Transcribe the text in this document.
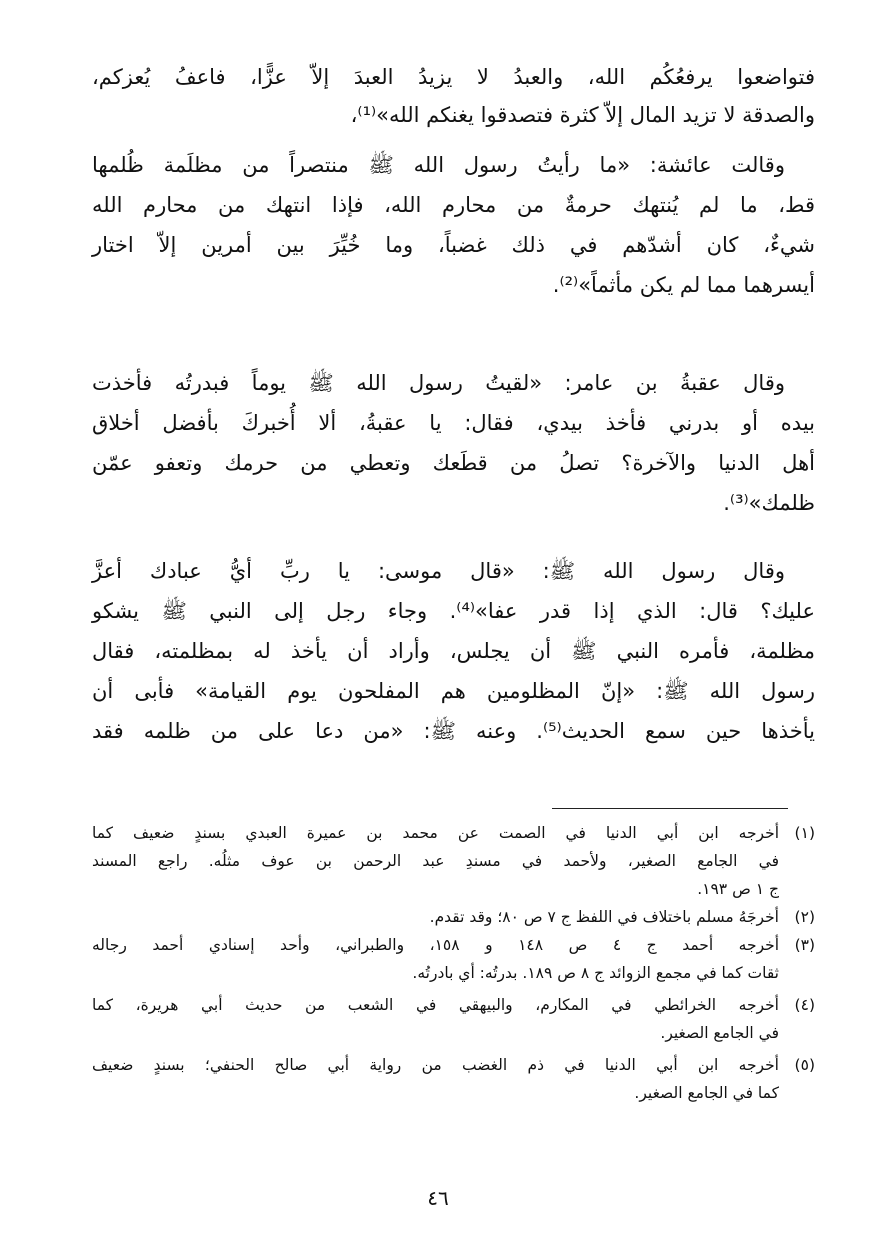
فتواضعوا يرفعُكُم الله، والعبدُ لا يزيدُ العبدَ إلاّ عزًّا، فاعفُ يُعزكم،
والصدقة لا تزيد المال إلاّ كثرة فتصدقوا يغنكم الله»⁽¹⁾،
وقالت عائشة: «ما رأيتُ رسول الله ﷺ منتصراً من مظلَمة ظُلمها
قط، ما لم يُنتهك حرمةٌ من محارم الله، فإذا انتهك من محارم الله
شيءٌ، كان أشدّهم في ذلك غضباً، وما خُيِّرَ بين أمرين إلاّ اختار
أيسرهما مما لم يكن مأثماً»⁽²⁾.
وقال عقبةُ بن عامر: «لقيتُ رسول الله ﷺ يوماً فبدرتُه فأخذت
بيده أو بدرني فأخذ بيدي، فقال: يا عقبةُ، ألا أُخبركَ بأفضل أخلاق
أهل الدنيا والآخرة؟ تصلُ من قطَعك وتعطي من حرمك وتعفو عمّن
ظلمك»⁽³⁾.
وقال رسول الله ﷺ: «قال موسى: يا ربِّ أيُّ عبادك أعزَّ
عليك؟ قال: الذي إذا قدر عفا»⁽⁴⁾. وجاء رجل إلى النبي ﷺ يشكو
مظلمة، فأمره النبي ﷺ أن يجلس، وأراد أن يأخذ له بمظلمته، فقال
رسول الله ﷺ: «إنّ المظلومين هم المفلحون يوم القيامة» فأبى أن
يأخذها حين سمع الحديث⁽⁵⁾. وعنه ﷺ: «من دعا على من ظلمه فقد
(١)أخرجه ابن أبي الدنيا في الصمت عن محمد بن عميرة العبدي بسندٍ ضعيف كما
في الجامع الصغير، ولأحمد في مسندِ عبد الرحمن بن عوف مثلُه. راجع المسند
ج ١ ص ١٩٣.
(٢)أخرجَهُ مسلم باختلاف في اللفظ ج ٧ ص ٨٠؛ وقد تقدم.
(٣)أخرجه أحمد ج ٤ ص ١٤٨ و ١٥٨، والطبراني، وأحد إسنادي أحمد رجاله
ثقات كما في مجمع الزوائد ج ٨ ص ١٨٩. بدرتُه: أي بادرتُه.
(٤)أخرجه الخرائطي في المكارم، والبيهقي في الشعب من حديث أبي هريرة، كما
في الجامع الصغير.
(٥)أخرجه ابن أبي الدنيا في ذم الغضب من رواية أبي صالح الحنفي؛ بسندٍ ضعيف
كما في الجامع الصغير.
٤٦
